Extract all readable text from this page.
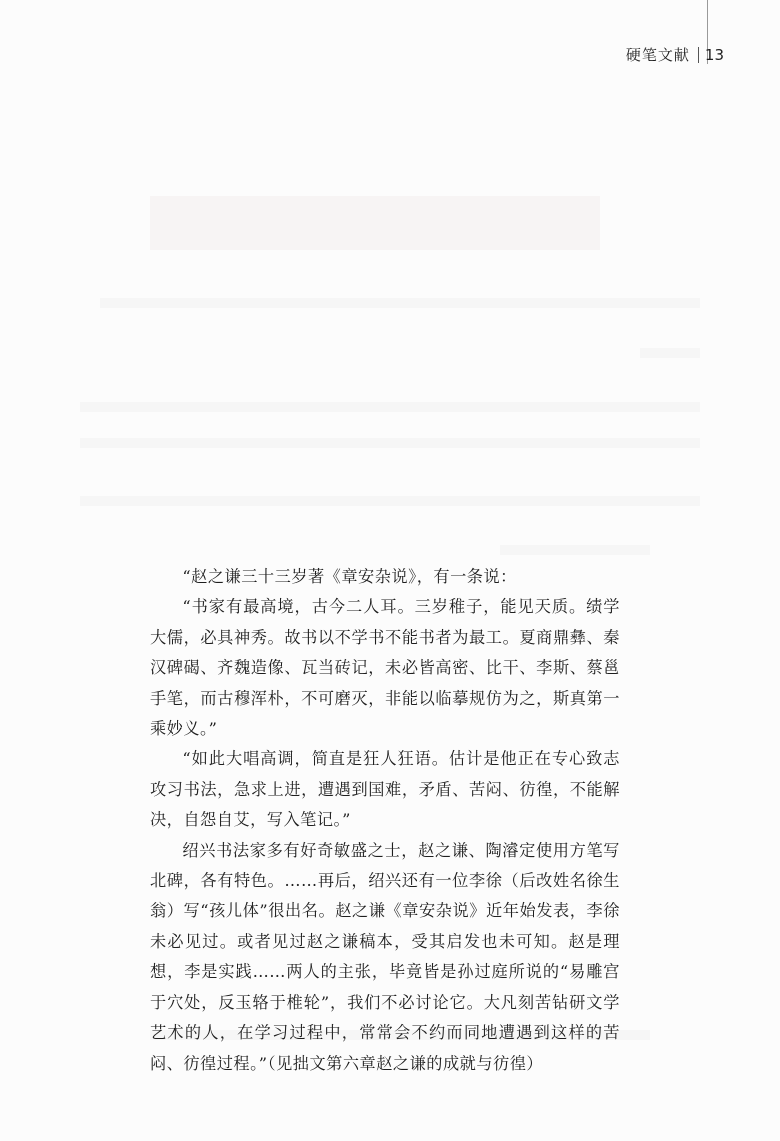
硬笔文献 13

“赵之谦三十三岁著《章安杂说》，有一条说：

“书家有最高境，古今二人耳。三岁稚子，能见天质。绩学大儒，必具神秀。故书以不学书不能书者为最工。夏商鼎彝、秦汉碑碣、齐魏造像、瓦当砖记，未必皆高密、比干、李斯、蔡邕手笔，而古穆浑朴，不可磨灭，非能以临摹规仿为之，斯真第一乘妙义。”

“如此大唱高调，简直是狂人狂语。估计是他正在专心致志攻习书法，急求上进，遭遇到国难，矛盾、苦闷、彷徨，不能解决，自怨自艾，写入笔记。”

绍兴书法家多有好奇敏盛之士，赵之谦、陶濬定使用方笔写北碑，各有特色。……再后，绍兴还有一位李徐（后改姓名徐生翁）写“孩儿体”很出名。赵之谦《章安杂说》近年始发表，李徐未必见过。或者见过赵之谦稿本，受其启发也未可知。赵是理想，李是实践……两人的主张，毕竟皆是孙过庭所说的“易雕宫于穴处，反玉辂于椎轮”，我们不必讨论它。大凡刻苦钻研文学艺术的人，在学习过程中，常常会不约而同地遭遇到这样的苦闷、彷徨过程。”（见拙文第六章赵之谦的成就与彷徨）
